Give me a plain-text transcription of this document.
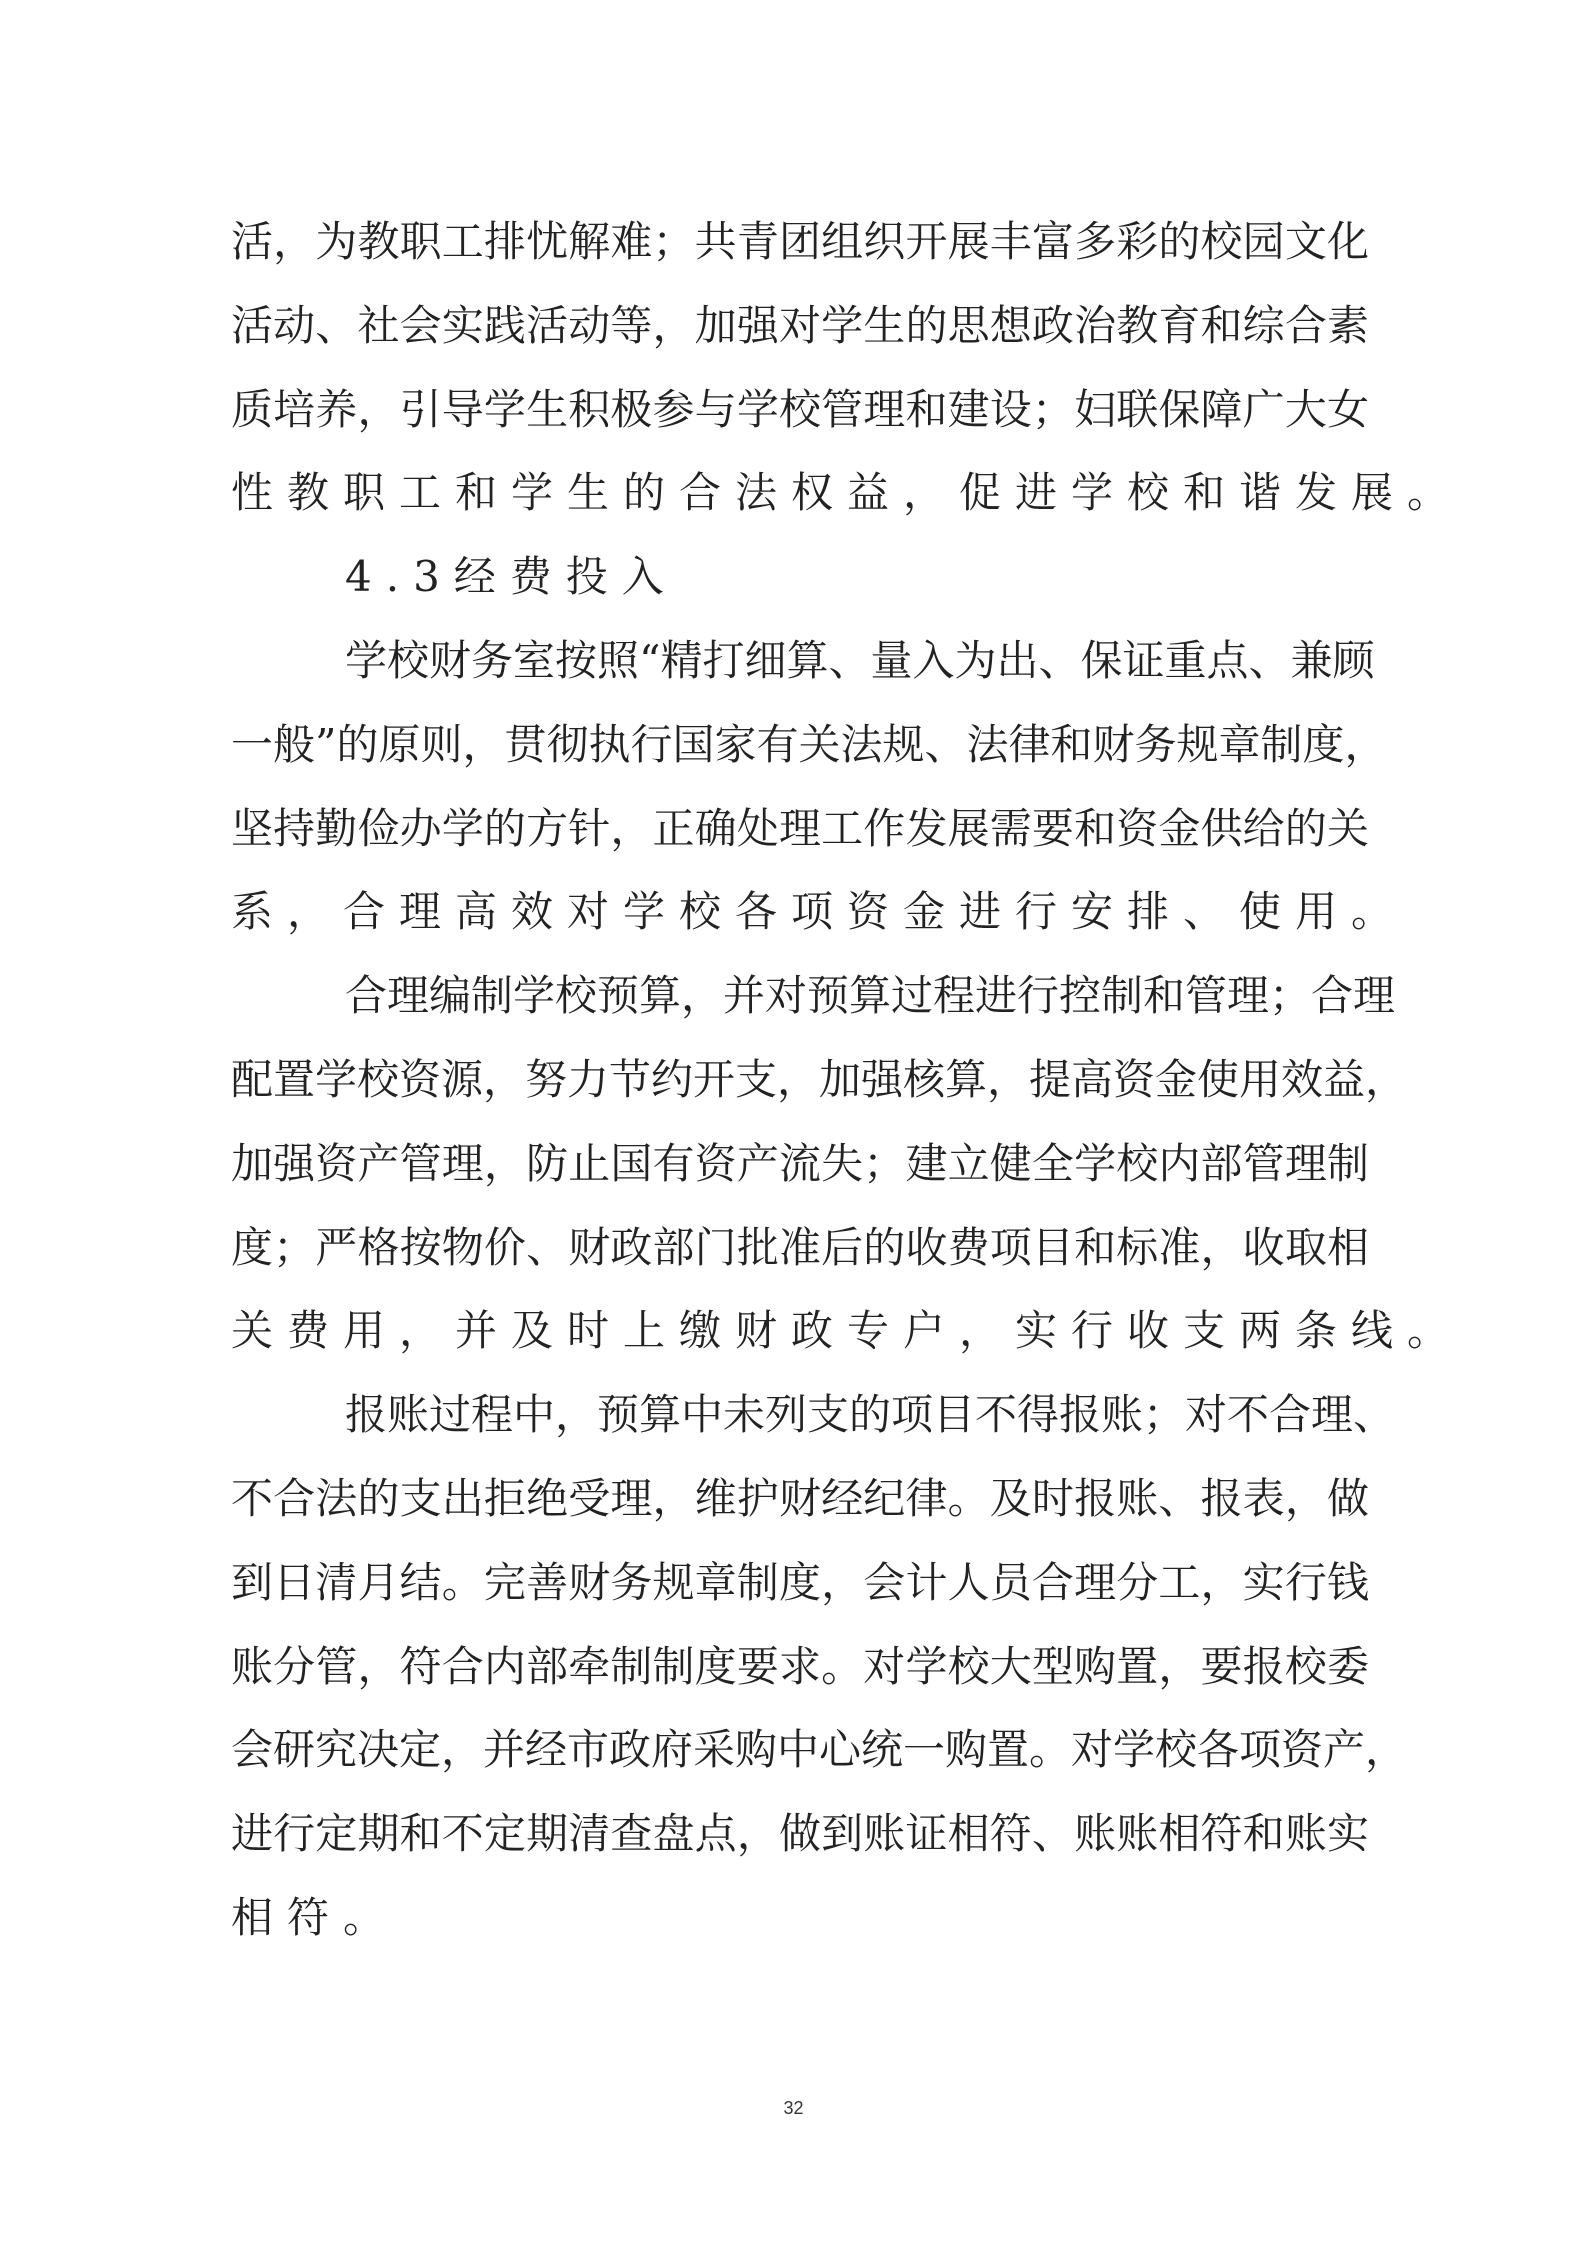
活，为教职工排忧解难；共青团组织开展丰富多彩的校园文化
活动、社会实践活动等，加强对学生的思想政治教育和综合素
质培养，引导学生积极参与学校管理和建设；妇联保障广大女
性教职工和学生的合法权益，促进学校和谐发展。
4.3经费投入
学校财务室按照“精打细算、量入为出、保证重点、兼顾
一般”的原则，贯彻执行国家有关法规、法律和财务规章制度，
坚持勤俭办学的方针，正确处理工作发展需要和资金供给的关
系，合理高效对学校各项资金进行安排、使用。
合理编制学校预算，并对预算过程进行控制和管理；合理
配置学校资源，努力节约开支，加强核算，提高资金使用效益，
加强资产管理，防止国有资产流失；建立健全学校内部管理制
度；严格按物价、财政部门批准后的收费项目和标准，收取相
关费用，并及时上缴财政专户，实行收支两条线。
报账过程中，预算中未列支的项目不得报账；对不合理、
不合法的支出拒绝受理，维护财经纪律。及时报账、报表，做
到日清月结。完善财务规章制度，会计人员合理分工，实行钱
账分管，符合内部牵制制度要求。对学校大型购置，要报校委
会研究决定，并经市政府采购中心统一购置。对学校各项资产，
进行定期和不定期清查盘点，做到账证相符、账账相符和账实
相符。
32
